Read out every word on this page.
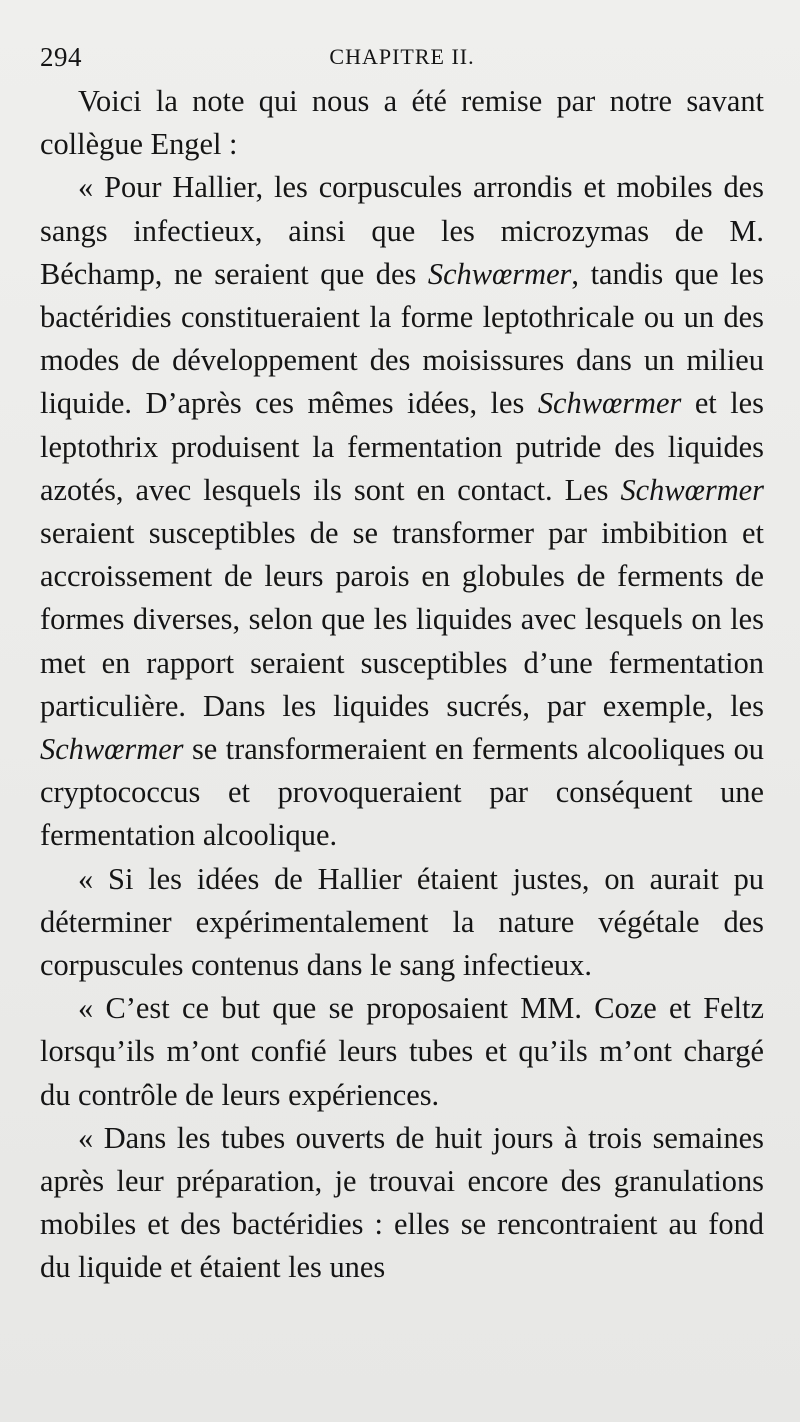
294	CHAPITRE II.

Voici la note qui nous a été remise par notre savant collègue Engel :

« Pour Hallier, les corpuscules arrondis et mobiles des sangs infectieux, ainsi que les microzymas de M. Béchamp, ne seraient que des Schwœrmer, tandis que les bactéridies constitueraient la forme leptothricale ou un des modes de développement des moisissures dans un milieu liquide. D’après ces mêmes idées, les Schwœrmer et les leptothrix produisent la fermentation putride des liquides azotés, avec lesquels ils sont en contact. Les Schwœrmer seraient susceptibles de se transformer par imbibition et accroissement de leurs parois en globules de ferments de formes diverses, selon que les liquides avec lesquels on les met en rapport seraient susceptibles d’une fermentation particulière. Dans les liquides sucrés, par exemple, les Schwœrmer se transformeraient en ferments alcooliques ou cryptococcus et provoqueraient par conséquent une fermentation alcoolique.

« Si les idées de Hallier étaient justes, on aurait pu déterminer expérimentalement la nature végétale des corpuscules contenus dans le sang infectieux.

« C’est ce but que se proposaient MM. Coze et Feltz lorsqu’ils m’ont confié leurs tubes et qu’ils m’ont chargé du contrôle de leurs expériences.

« Dans les tubes ouverts de huit jours à trois semaines après leur préparation, je trouvai encore des granulations mobiles et des bactéridies : elles se rencontraient au fond du liquide et étaient les unes
